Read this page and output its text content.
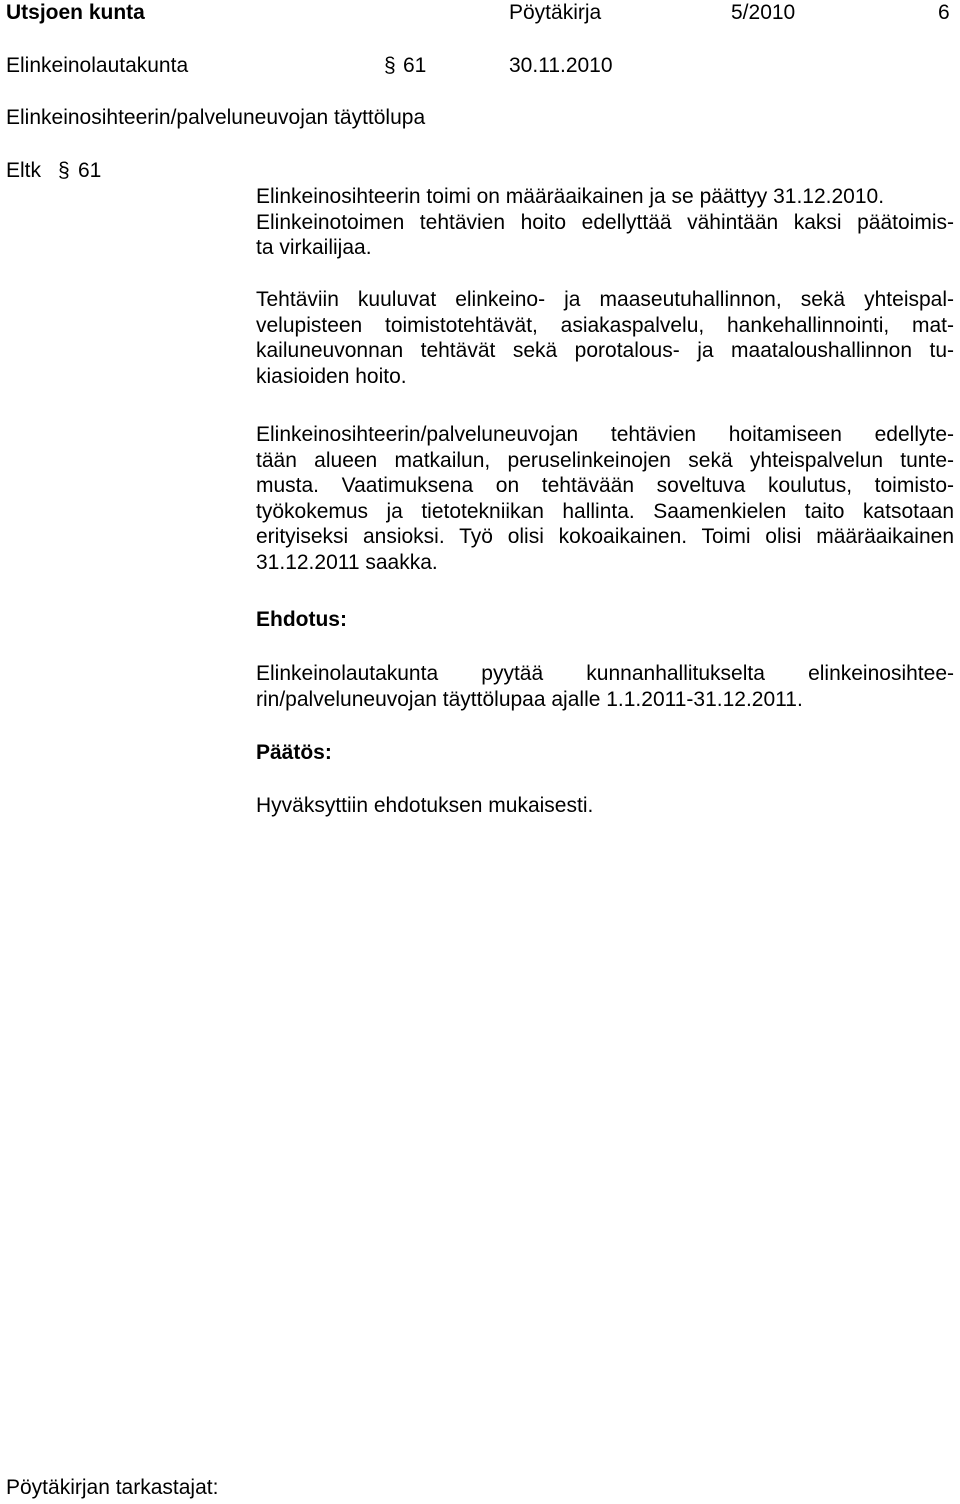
Utsjoen kunta	Pöytäkirja	5/2010	6
Elinkeinolautakunta	§ 61	30.11.2010
Elinkeinosihteerin/palveluneuvojan täyttölupa
Eltk § 61
Elinkeinosihteerin toimi on määräaikainen ja se päättyy 31.12.2010.
Elinkeinotoimen tehtävien hoito edellyttää vähintään kaksi päätoimis-
ta virkailijaa.
Tehtäviin kuuluvat elinkeino- ja maaseutuhallinnon, sekä yhteispal-
velupisteen toimistotehtävät, asiakaspalvelu, hankehallinnointi, mat-
kailuneuvonnan tehtävät sekä porotalous- ja maataloushallinnon tu-
kiasioiden hoito.
Elinkeinosihteerin/palveluneuvojan tehtävien hoitamiseen edellyte-
tään alueen matkailun, peruselinkeinojen sekä yhteispalvelun tunte-
musta. Vaatimuksena on tehtävään soveltuva koulutus, toimisto-
työkokemus ja tietotekniikan hallinta. Saamenkielen taito katsotaan
erityiseksi ansioksi. Työ olisi kokoaikainen. Toimi olisi määräaikainen
31.12.2011 saakka.
Ehdotus:
Elinkeinolautakunta pyytää kunnanhallitukselta elinkeinosihtee-
rin/palveluneuvojan täyttölupaa ajalle 1.1.2011-31.12.2011.
Päätös:
Hyväksyttiin ehdotuksen mukaisesti.
Pöytäkirjan tarkastajat:
